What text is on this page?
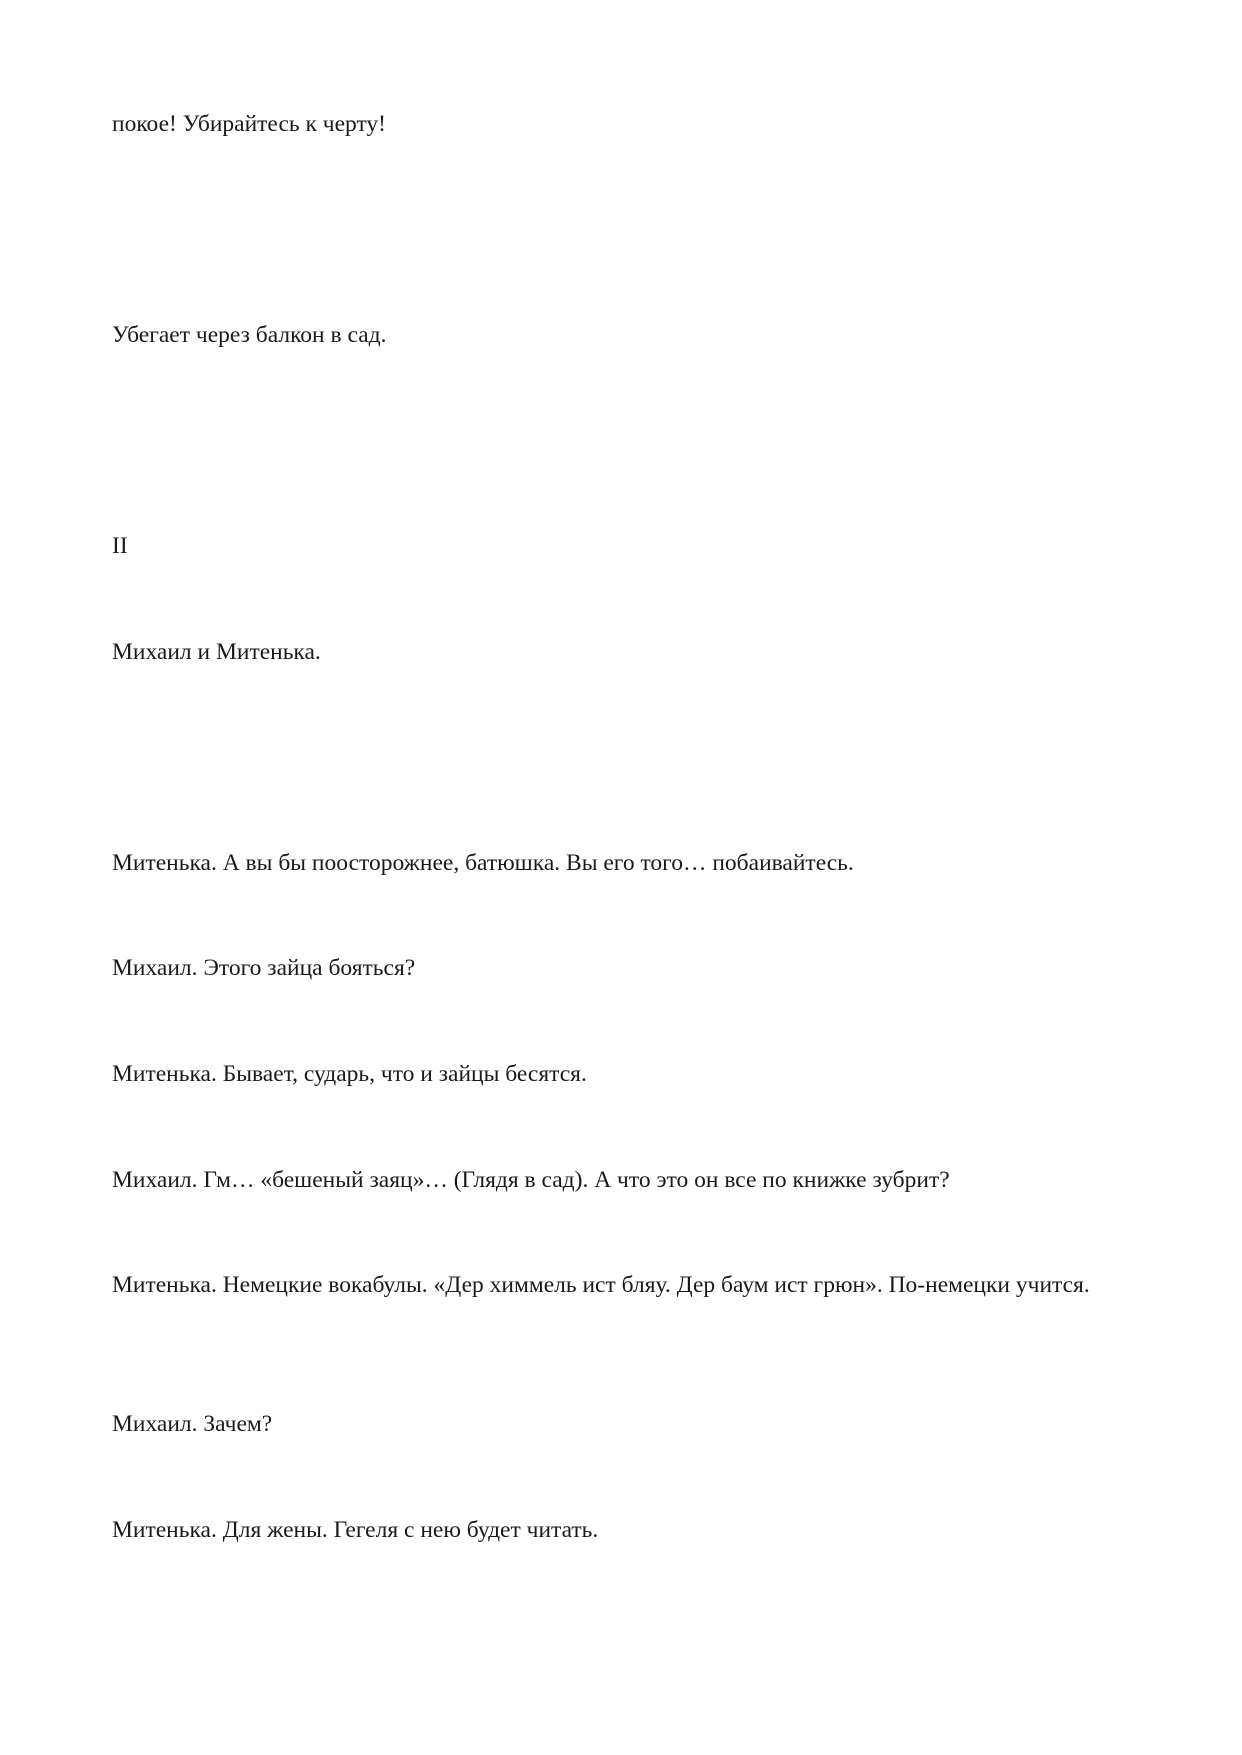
покое! Убирайтесь к черту!

Убегает через балкон в сад.

II

Михаил и Митенька.

Митенька. А вы бы поосторожнее, батюшка. Вы его того… побаивайтесь.

Михаил. Этого зайца бояться?

Митенька. Бывает, сударь, что и зайцы бесятся.

Михаил. Гм… «бешеный заяц»… (Глядя в сад). А что это он все по книжке зубрит?

Митенька. Немецкие вокабулы. «Дер химмель ист бляу. Дер баум ист грюн». По-немецки учится.

Михаил. Зачем?

Митенька. Для жены. Гегеля с нею будет читать.
